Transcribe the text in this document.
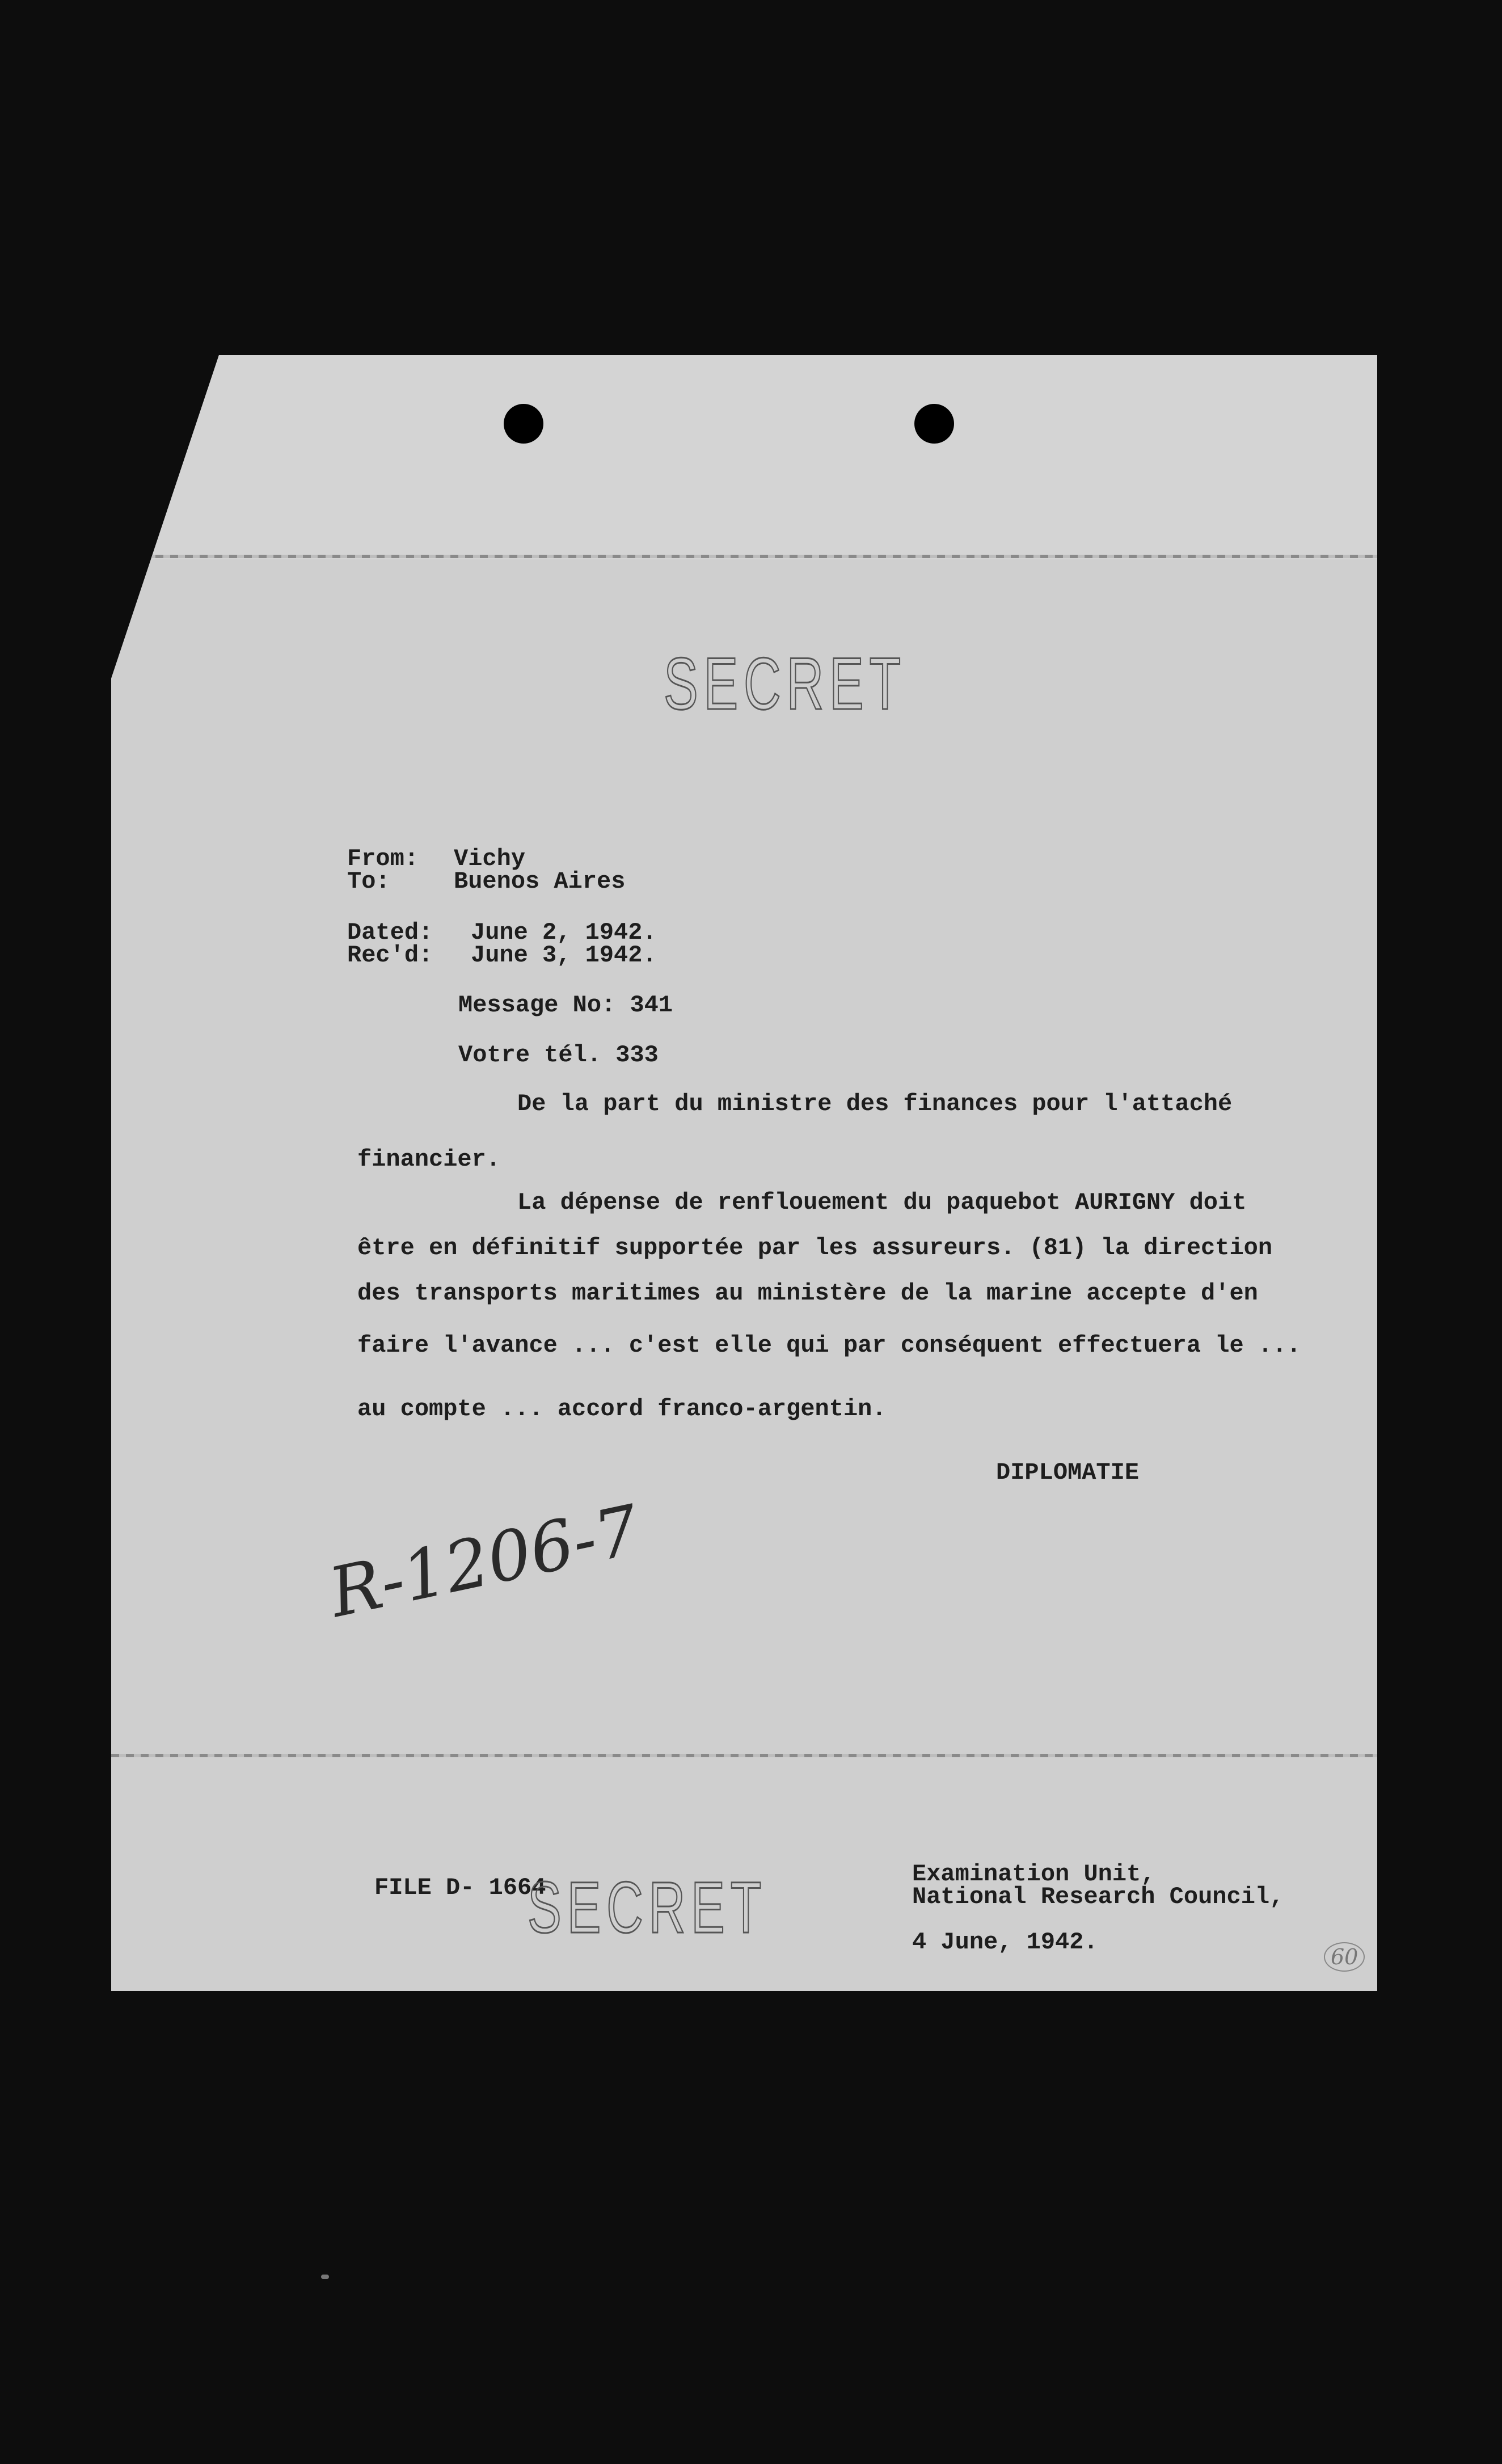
SECRET
From: Vichy
To:	Buenos Aires
Dated: June 2, 1942.
Rec'd: June 3, 1942.
Message No: 341
Votre tél. 333
De la part du ministre des finances pour l'attaché
financier.
La dépense de renflouement du paquebot AURIGNY doit
être en définitif supportée par les assureurs. (81) la direction
des transports maritimes au ministère de la marine accepte d'en
faire l'avance ... c'est elle qui par conséquent effectuera le ...
au compte ... accord franco-argentin.
DIPLOMATIE
R-1206-7
FILE D- 1664
SECRET	Examination Unit,
National Research Council,
4 June, 1942.
60
